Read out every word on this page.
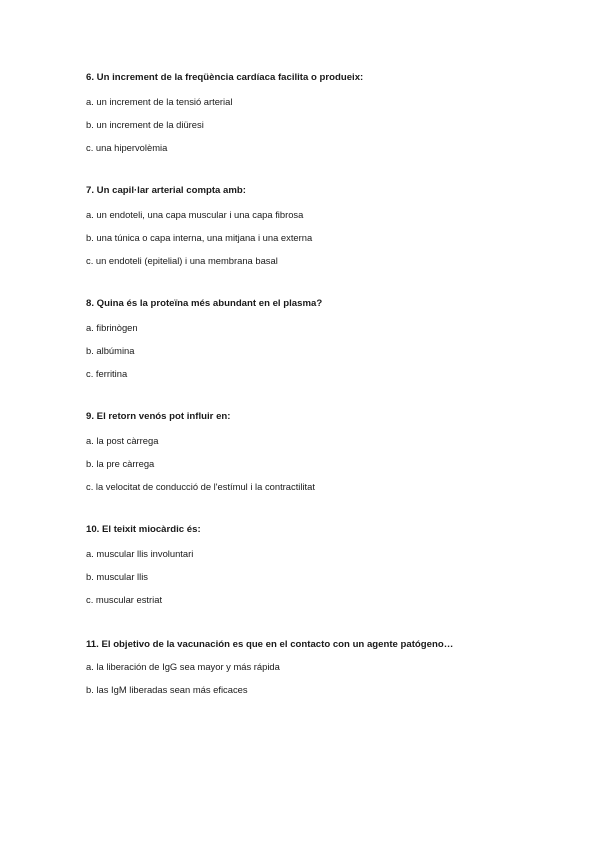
6. Un increment de la freqüència cardíaca facilita o produeix:

a. un increment de la tensió arterial

b. un increment de la diüresi

c. una hipervolèmia

7. Un capil·lar arterial compta amb:

a. un endoteli, una capa muscular i una capa fibrosa

b. una túnica o capa interna, una mitjana i una externa

c. un endoteli (epitelial) i una membrana basal

8. Quina és la proteïna més abundant en el plasma?

a. fibrinògen

b. albúmina

c. ferritina

9. El retorn venós pot influir en:

a. la post càrrega

b. la pre càrrega

c. la velocitat de conducció de l'estímul i la contractilitat

10. El teixit miocàrdic és:

a. muscular llis involuntari

b. muscular llis

c. muscular estriat

11. El objetivo de la vacunación es que en el contacto con un agente patógeno…

a. la liberación de IgG sea mayor y más rápida

b. las IgM liberadas sean más eficaces
